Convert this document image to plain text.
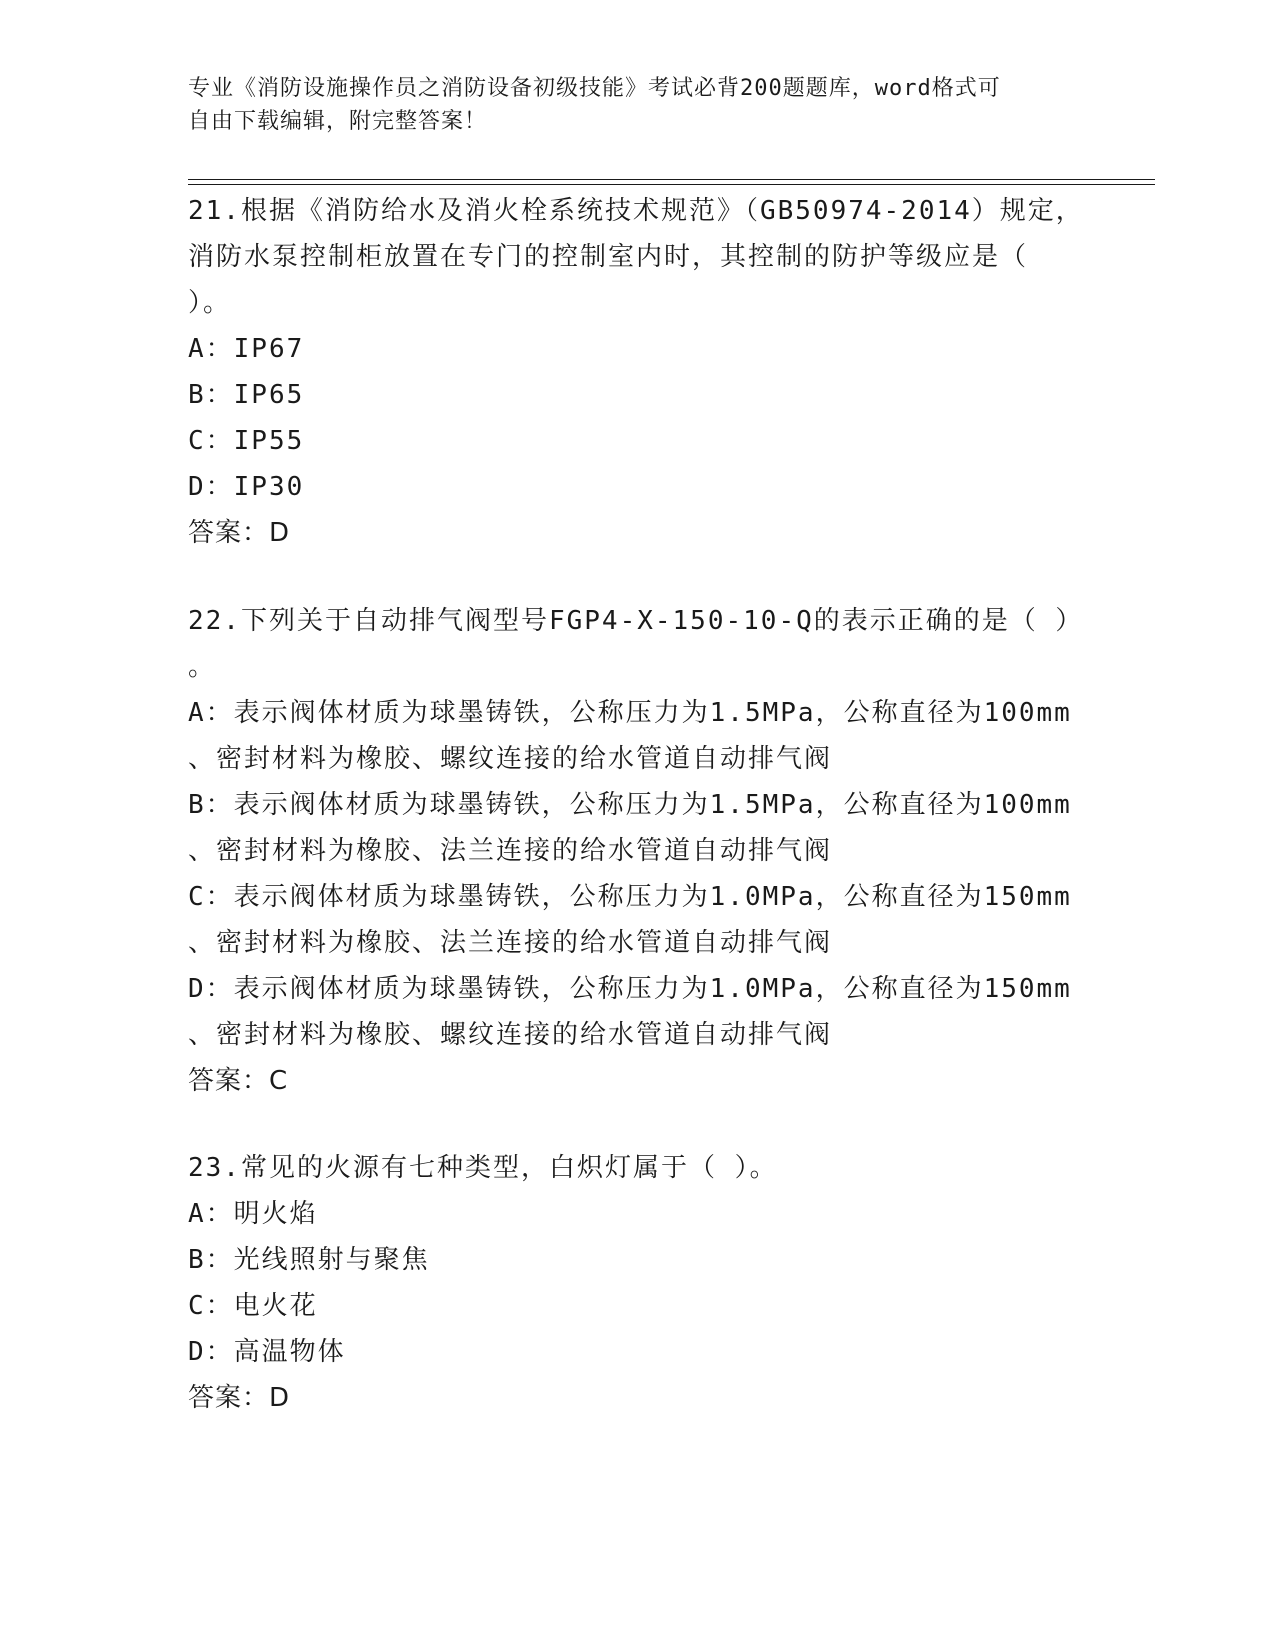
专业《消防设施操作员之消防设备初级技能》考试必背200题题库，word格式可
自由下载编辑，附完整答案！
21.根据《消防给水及消火栓系统技术规范》（GB50974-2014）规定，
消防水泵控制柜放置在专门的控制室内时，其控制的防护等级应是（
）。
A：IP67
B：IP65
C：IP55
D：IP30
答案：D
22.下列关于自动排气阀型号FGP4-X-150-10-Q的表示正确的是（ ）
。
A：表示阀体材质为球墨铸铁，公称压力为1.5MPa，公称直径为100mm
、密封材料为橡胶、螺纹连接的给水管道自动排气阀
B：表示阀体材质为球墨铸铁，公称压力为1.5MPa，公称直径为100mm
、密封材料为橡胶、法兰连接的给水管道自动排气阀
C：表示阀体材质为球墨铸铁，公称压力为1.0MPa，公称直径为150mm
、密封材料为橡胶、法兰连接的给水管道自动排气阀
D：表示阀体材质为球墨铸铁，公称压力为1.0MPa，公称直径为150mm
、密封材料为橡胶、螺纹连接的给水管道自动排气阀
答案：C
23.常见的火源有七种类型，白炽灯属于（ ）。
A：明火焰
B：光线照射与聚焦
C：电火花
D：高温物体
答案：D
